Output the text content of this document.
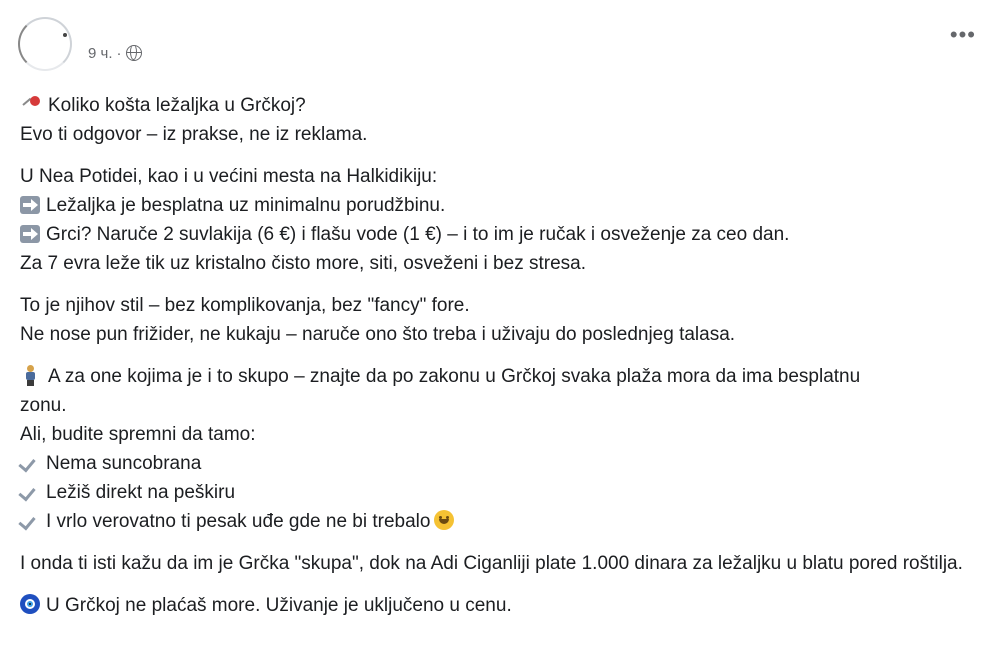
9 ч. ·
•••
Koliko košta ležaljka u Grčkoj?
Evo ti odgovor – iz prakse, ne iz reklama.
U Nea Potidei, kao i u većini mesta na Halkidikiju:
Ležaljka je besplatna uz minimalnu porudžbinu.
Grci? Naruče 2 suvlakija (6 €) i flašu vode (1 €) – i to im je ručak i osveženje za ceo dan.
Za 7 evra leže tik uz kristalno čisto more, siti, osveženi i bez stresa.
To je njihov stil – bez komplikovanja, bez "fancy" fore.
Ne nose pun frižider, ne kukaju – naruče ono što treba i uživaju do poslednjeg talasa.
A za one kojima je i to skupo – znajte da po zakonu u Grčkoj svaka plaža mora da ima besplatnu zonu.
Ali, budite spremni da tamo:
Nema suncobrana
Ležiš direkt na peškiru
I vrlo verovatno ti pesak uđe gde ne bi trebalo
I onda ti isti kažu da im je Grčka "skupa", dok na Adi Ciganliji plate 1.000 dinara za ležaljku u blatu pored roštilja.
U Grčkoj ne plaćaš more. Uživanje je uključeno u cenu.
